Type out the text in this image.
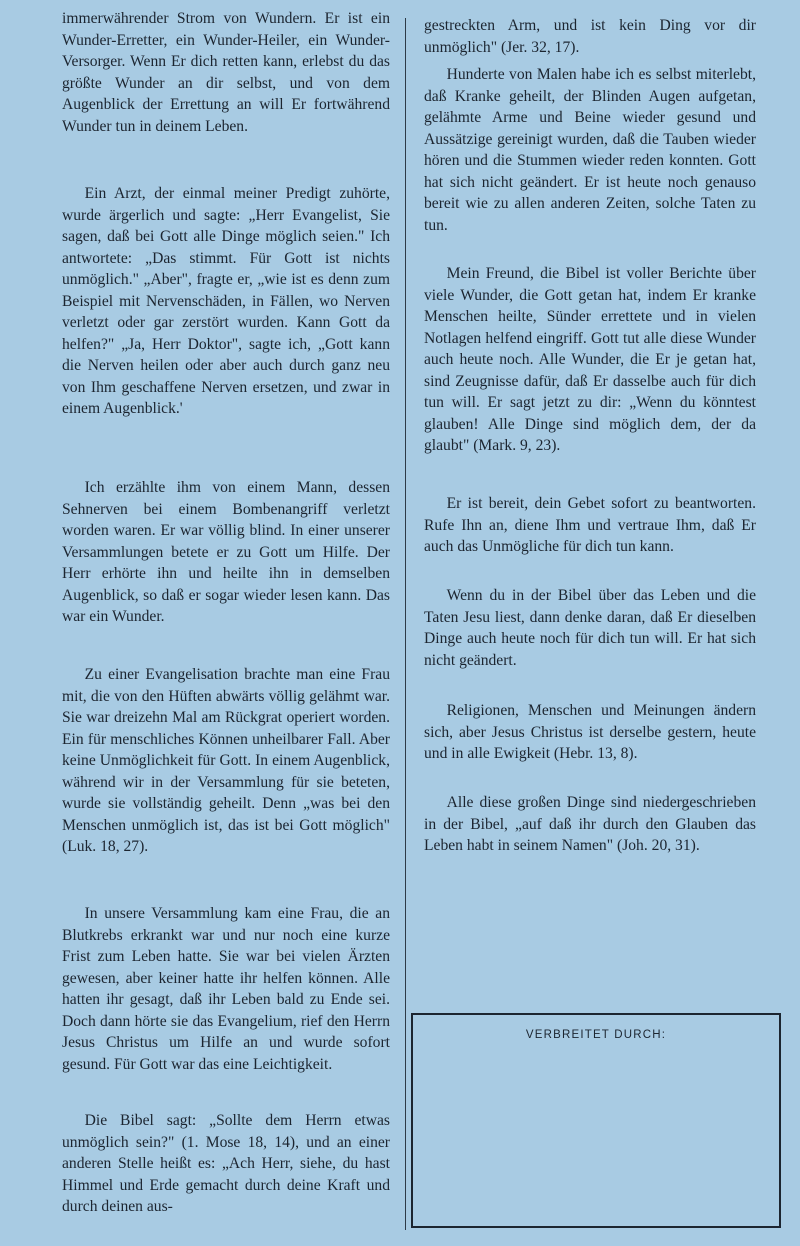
immerwährender Strom von Wundern. Er ist ein Wunder-Erretter, ein Wunder-Heiler, ein Wunder-Versorger. Wenn Er dich retten kann, erlebst du das größte Wunder an dir selbst, und von dem Augenblick der Errettung an will Er fortwährend Wunder tun in deinem Leben.

Ein Arzt, der einmal meiner Predigt zuhörte, wurde ärgerlich und sagte: „Herr Evangelist, Sie sagen, daß bei Gott alle Dinge möglich seien." Ich antwortete: „Das stimmt. Für Gott ist nichts unmöglich." „Aber", fragte er, „wie ist es denn zum Beispiel mit Nervenschäden, in Fällen, wo Nerven verletzt oder gar zerstört wurden. Kann Gott da helfen?" „Ja, Herr Doktor", sagte ich, „Gott kann die Nerven heilen oder aber auch durch ganz neu von Ihm geschaffene Nerven ersetzen, und zwar in einem Augenblick.'

Ich erzählte ihm von einem Mann, dessen Sehnerven bei einem Bombenangriff verletzt worden waren. Er war völlig blind. In einer unserer Versammlungen betete er zu Gott um Hilfe. Der Herr erhörte ihn und heilte ihn in demselben Augenblick, so daß er sogar wieder lesen kann. Das war ein Wunder.

Zu einer Evangelisation brachte man eine Frau mit, die von den Hüften abwärts völlig gelähmt war. Sie war dreizehn Mal am Rückgrat operiert worden. Ein für menschliches Können unheilbarer Fall. Aber keine Unmöglichkeit für Gott. In einem Augenblick, während wir in der Versammlung für sie beteten, wurde sie vollständig geheilt. Denn „was bei den Menschen unmöglich ist, das ist bei Gott möglich" (Luk. 18, 27).

In unsere Versammlung kam eine Frau, die an Blutkrebs erkrankt war und nur noch eine kurze Frist zum Leben hatte. Sie war bei vielen Ärzten gewesen, aber keiner hatte ihr helfen können. Alle hatten ihr gesagt, daß ihr Leben bald zu Ende sei. Doch dann hörte sie das Evangelium, rief den Herrn Jesus Christus um Hilfe an und wurde sofort gesund. Für Gott war das eine Leichtigkeit.

Die Bibel sagt: „Sollte dem Herrn etwas unmöglich sein?" (1. Mose 18, 14), und an einer anderen Stelle heißt es: „Ach Herr, siehe, du hast Himmel und Erde gemacht durch deine Kraft und durch deinen aus-

gestreckten Arm, und ist kein Ding vor dir unmöglich" (Jer. 32, 17).

Hunderte von Malen habe ich es selbst miterlebt, daß Kranke geheilt, der Blinden Augen aufgetan, gelähmte Arme und Beine wieder gesund und Aussätzige gereinigt wurden, daß die Tauben wieder hören und die Stummen wieder reden konnten. Gott hat sich nicht geändert. Er ist heute noch genauso bereit wie zu allen anderen Zeiten, solche Taten zu tun.

Mein Freund, die Bibel ist voller Berichte über viele Wunder, die Gott getan hat, indem Er kranke Menschen heilte, Sünder errettete und in vielen Notlagen helfend eingriff. Gott tut alle diese Wunder auch heute noch. Alle Wunder, die Er je getan hat, sind Zeugnisse dafür, daß Er dasselbe auch für dich tun will. Er sagt jetzt zu dir: „Wenn du könntest glauben! Alle Dinge sind möglich dem, der da glaubt" (Mark. 9, 23).

Er ist bereit, dein Gebet sofort zu beantworten. Rufe Ihn an, diene Ihm und vertraue Ihm, daß Er auch das Unmögliche für dich tun kann.

Wenn du in der Bibel über das Leben und die Taten Jesu liest, dann denke daran, daß Er dieselben Dinge auch heute noch für dich tun will. Er hat sich nicht geändert.

Religionen, Menschen und Meinungen ändern sich, aber Jesus Christus ist derselbe gestern, heute und in alle Ewigkeit (Hebr. 13, 8).

Alle diese großen Dinge sind niedergeschrieben in der Bibel, „auf daß ihr durch den Glauben das Leben habt in seinem Namen" (Joh. 20, 31).

VERBREITET DURCH:
